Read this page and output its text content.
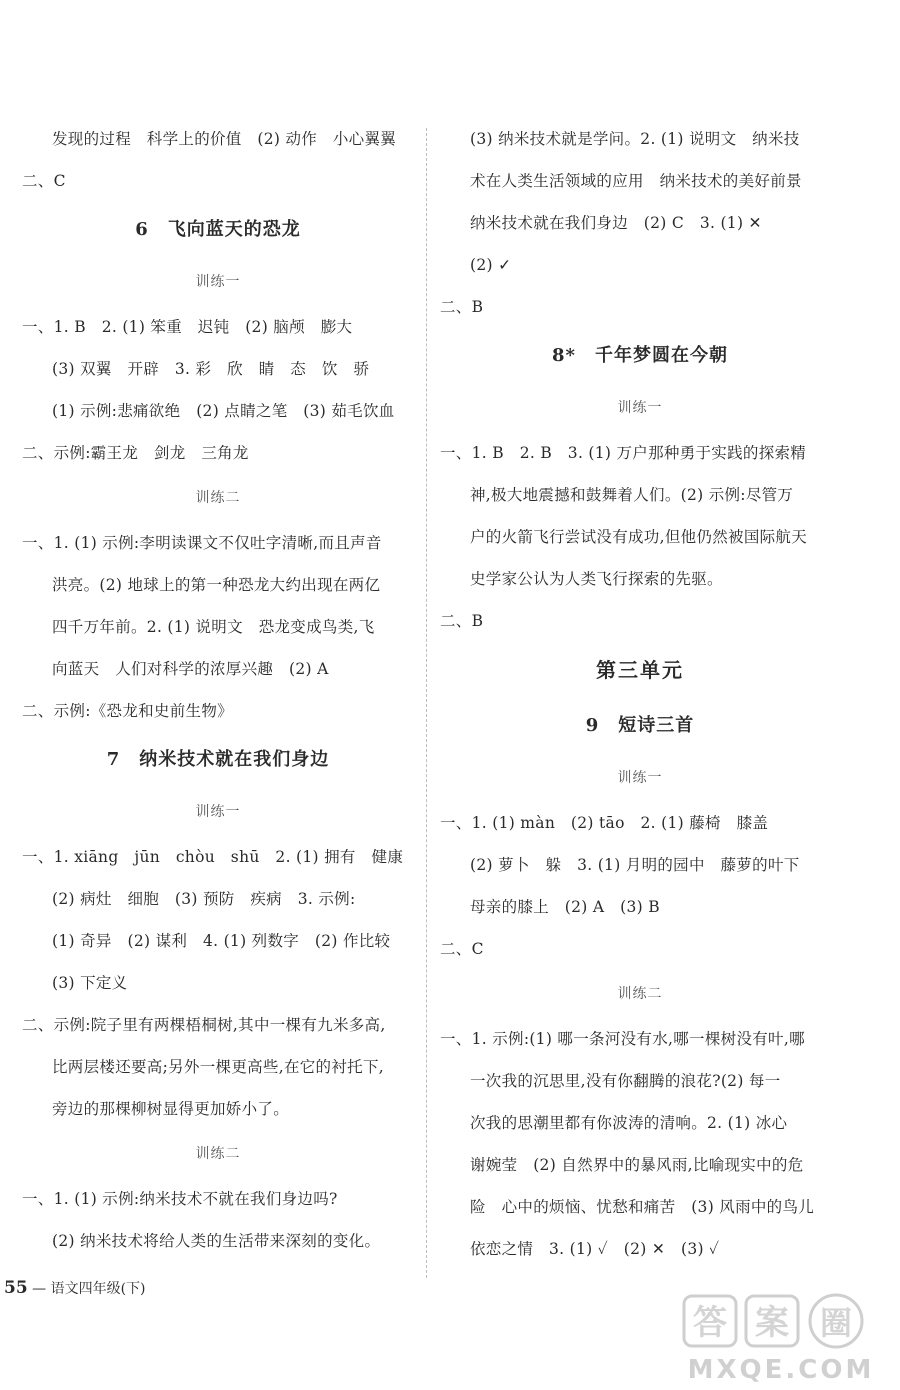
发现的过程　科学上的价值　(2) 动作　小心翼翼
二、C
6　飞向蓝天的恐龙
训练一
一、1. B　2. (1) 笨重　迟钝　(2) 脑颅　膨大
(3) 双翼　开辟　3. 彩　欣　睛　态　饮　骄
(1) 示例:悲痛欲绝　(2) 点睛之笔　(3) 茹毛饮血
二、示例:霸王龙　剑龙　三角龙
训练二
一、1. (1) 示例:李明读课文不仅吐字清晰,而且声音
洪亮。(2) 地球上的第一种恐龙大约出现在两亿
四千万年前。2. (1) 说明文　恐龙变成鸟类,飞
向蓝天　人们对科学的浓厚兴趣　(2) A
二、示例:《恐龙和史前生物》
7　纳米技术就在我们身边
训练一
一、1. xiāng　jūn　chòu　shū　2. (1) 拥有　健康
(2) 病灶　细胞　(3) 预防　疾病　3. 示例:
(1) 奇异　(2) 谋利　4. (1) 列数字　(2) 作比较
(3) 下定义
二、示例:院子里有两棵梧桐树,其中一棵有九米多高,
比两层楼还要高;另外一棵更高些,在它的衬托下,
旁边的那棵柳树显得更加娇小了。
训练二
一、1. (1) 示例:纳米技术不就在我们身边吗?
(2) 纳米技术将给人类的生活带来深刻的变化。
(3) 纳米技术就是学问。2. (1) 说明文　纳米技
术在人类生活领域的应用　纳米技术的美好前景
纳米技术就在我们身边　(2) C　3. (1) ✕
(2) ✓
二、B
8*　千年梦圆在今朝
训练一
一、1. B　2. B　3. (1) 万户那种勇于实践的探索精
神,极大地震撼和鼓舞着人们。(2) 示例:尽管万
户的火箭飞行尝试没有成功,但他仍然被国际航天
史学家公认为人类飞行探索的先驱。
二、B
第三单元
9　短诗三首
训练一
一、1. (1) màn　(2) tāo　2. (1) 藤椅　膝盖
(2) 萝卜　躲　3. (1) 月明的园中　藤萝的叶下
母亲的膝上　(2) A　(3) B
二、C
训练二
一、1. 示例:(1) 哪一条河没有水,哪一棵树没有叶,哪
一次我的沉思里,没有你翻腾的浪花?(2) 每一
次我的思潮里都有你波涛的清响。2. (1) 冰心
谢婉莹　(2) 自然界中的暴风雨,比喻现实中的危
险　心中的烦恼、忧愁和痛苦　(3) 风雨中的鸟儿
依恋之情　3. (1) ✓　(2) ✕　(3) ✓
55 — 语文四年级(下)
答 案 圈
MXQE.COM
